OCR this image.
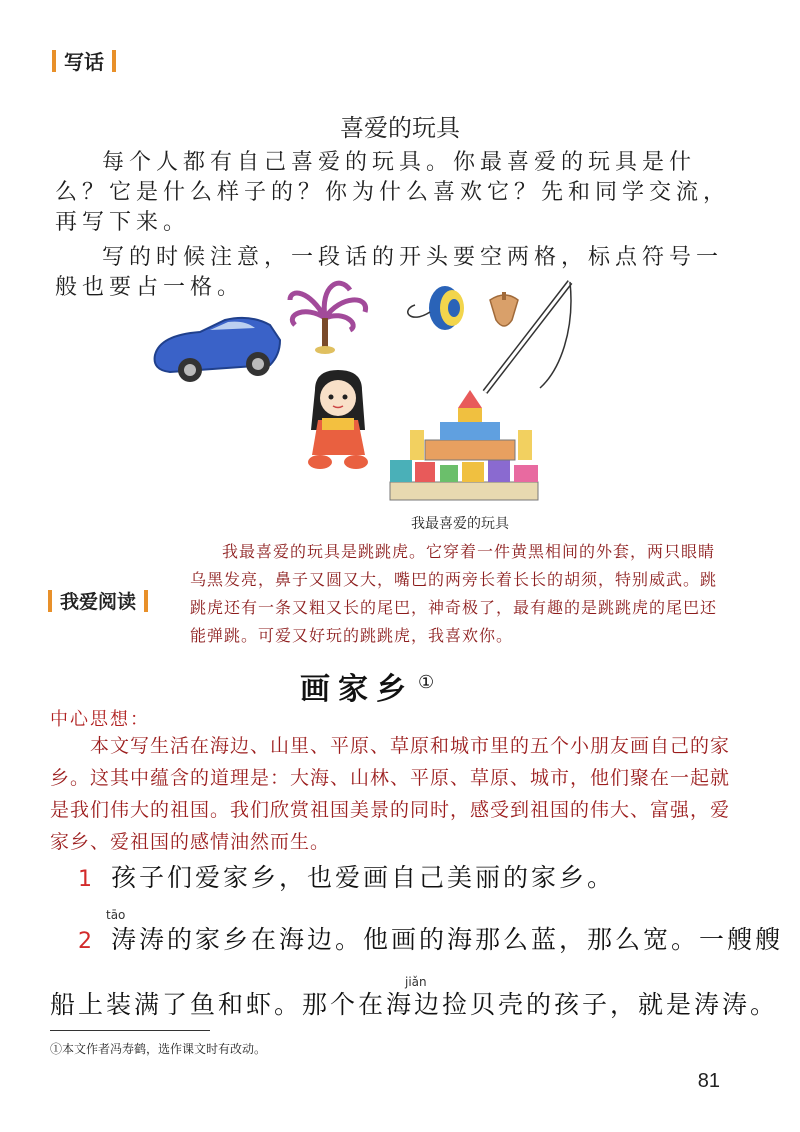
写话
喜爱的玩具
每个人都有自己喜爱的玩具。你最喜爱的玩具是什么？它是什么样子的？你为什么喜欢它？先和同学交流，再写下来。
写的时候注意，一段话的开头要空两格，标点符号一般也要占一格。
我最喜爱的玩具
我最喜爱的玩具是跳跳虎。它穿着一件黄黑相间的外套，两只眼睛乌黑发亮，鼻子又圆又大，嘴巴的两旁长着长长的胡须，特别威武。跳跳虎还有一条又粗又长的尾巴，神奇极了，最有趣的是跳跳虎的尾巴还能弹跳。可爱又好玩的跳跳虎，我喜欢你。
我爱阅读
画家乡 ①
中心思想：
本文写生活在海边、山里、平原、草原和城市里的五个小朋友画自己的家乡。这其中蕴含的道理是：大海、山林、平原、草原、城市，他们聚在一起就是我们伟大的祖国。我们欣赏祖国美景的同时，感受到祖国的伟大、富强，爱家乡、爱祖国的感情油然而生。
1 孩子们爱家乡，也爱画自己美丽的家乡。
tāo
2 涛涛的家乡在海边。他画的海那么蓝，那么宽。一艘艘
jiǎn
船上装满了鱼和虾。那个在海边捡贝壳的孩子，就是涛涛。
①本文作者冯寿鹤，选作课文时有改动。
81
